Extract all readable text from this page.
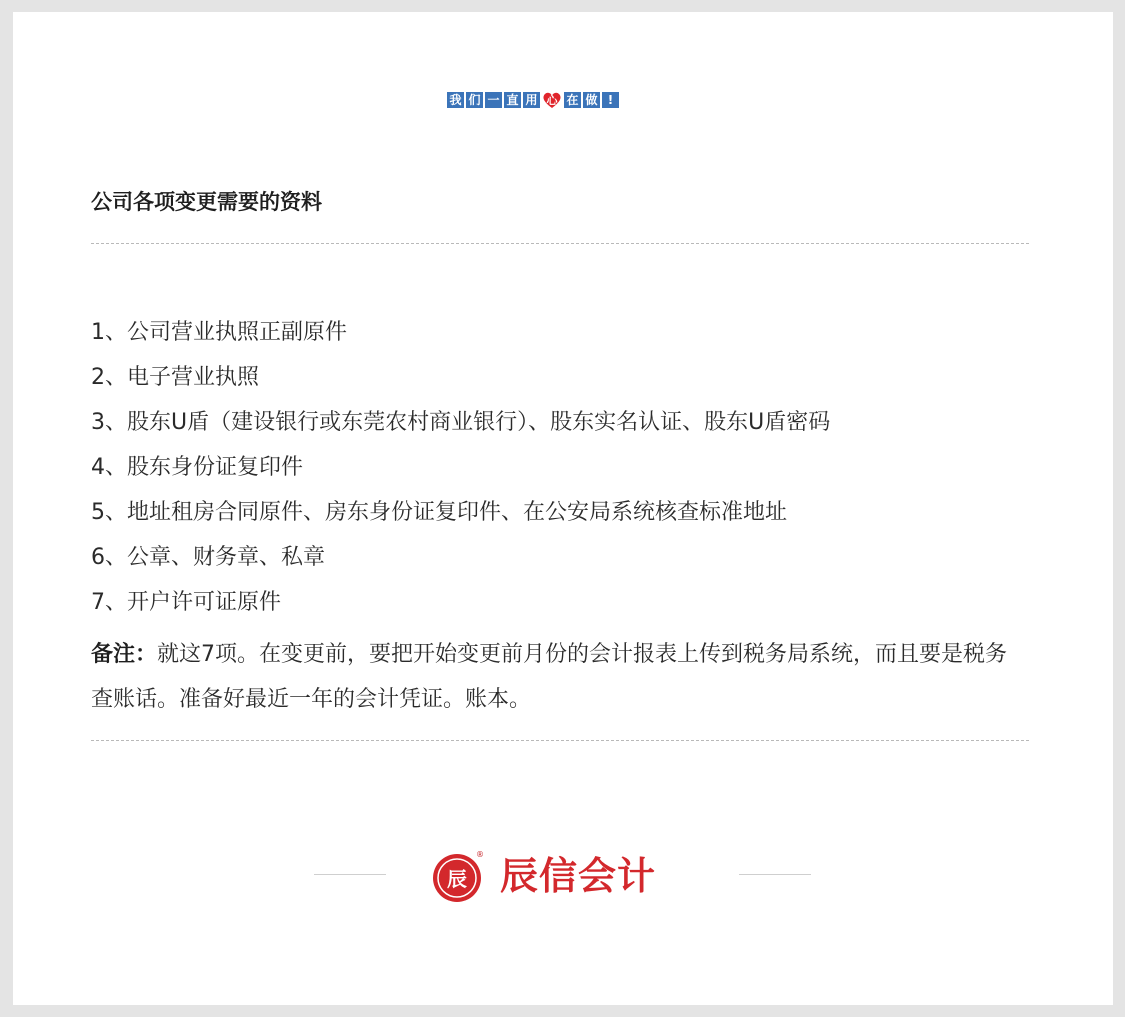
我 们 一 直 用 心 在 做 !
公司各项变更需要的资料
1、公司营业执照正副原件
2、电子营业执照
3、股东U盾（建设银行或东莞农村商业银行）、股东实名认证、股东U盾密码
4、股东身份证复印件
5、地址租房合同原件、房东身份证复印件、在公安局系统核查标准地址
6、公章、财务章、私章
7、开户许可证原件
备注：就这7项。在变更前，要把开始变更前月份的会计报表上传到税务局系统，而且要是税务查账话。准备好最近一年的会计凭证。账本。
辰
® 辰信会计
